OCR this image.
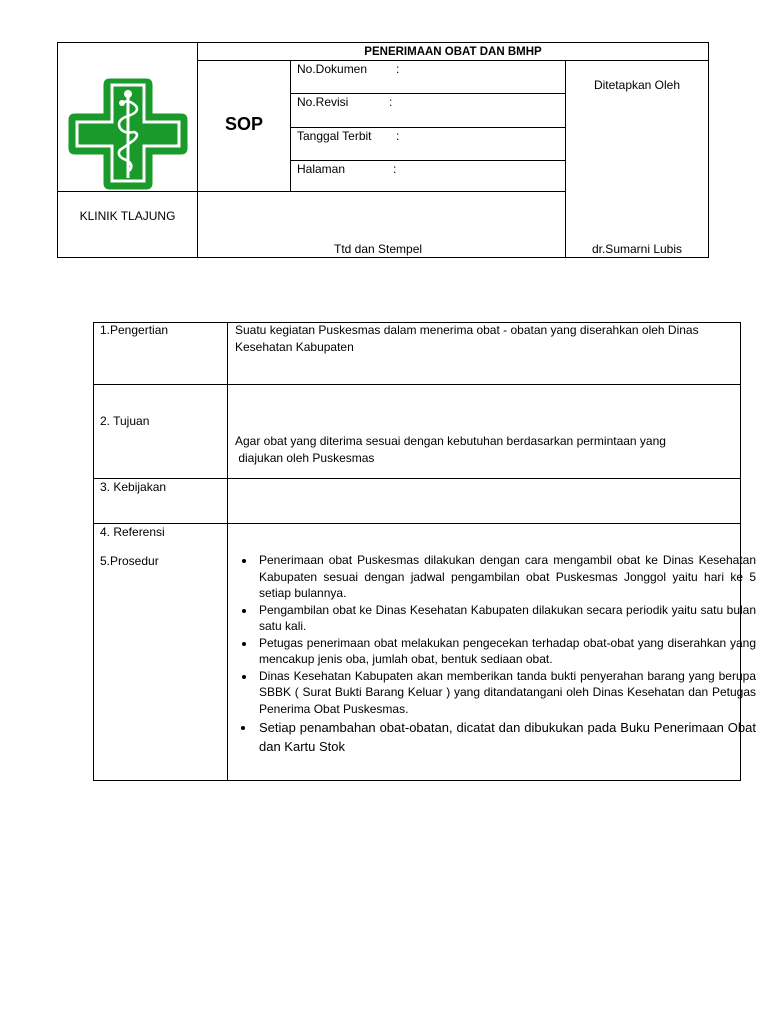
PENERIMAAN OBAT DAN BMHP
SOP
No.Dokumen :
No.Revisi	:
Tanggal Terbit :
Halaman	:
Ditetapkan Oleh
KLINIK TLAJUNG
Ttd dan Stempel	dr.Sumarni Lubis
1.Pengertian	Suatu kegiatan Puskesmas dalam menerima obat - obatan yang diserahkan oleh Dinas Kesehatan Kabupaten
2. Tujuan
Agar obat yang diterima sesuai dengan kebutuhan berdasarkan permintaan yang
diajukan oleh Puskesmas
3. Kebijakan
4. Referensi
5.Prosedur
•	Penerimaan obat Puskesmas dilakukan dengan cara mengambil obat ke Dinas Kesehatan Kabupaten sesuai dengan jadwal pengambilan obat Puskesmas Jonggol yaitu hari ke 5 setiap bulannya.
• Pengambilan obat ke Dinas Kesehatan Kabupaten dilakukan secara periodik yaitu satu bulan satu kali.
• Petugas penerimaan obat melakukan pengecekan terhadap obat-obat yang diserahkan yang mencakup jenis oba, jumlah obat, bentuk sediaan obat.
• Dinas Kesehatan Kabupaten akan memberikan tanda bukti penyerahan barang yang berupa SBBK ( Surat Bukti Barang Keluar ) yang ditandatangani oleh Dinas Kesehatan dan Petugas Penerima Obat Puskesmas.
• Setiap penambahan obat-obatan, dicatat dan dibukukan pada Buku Penerimaan Obat dan Kartu Stok
